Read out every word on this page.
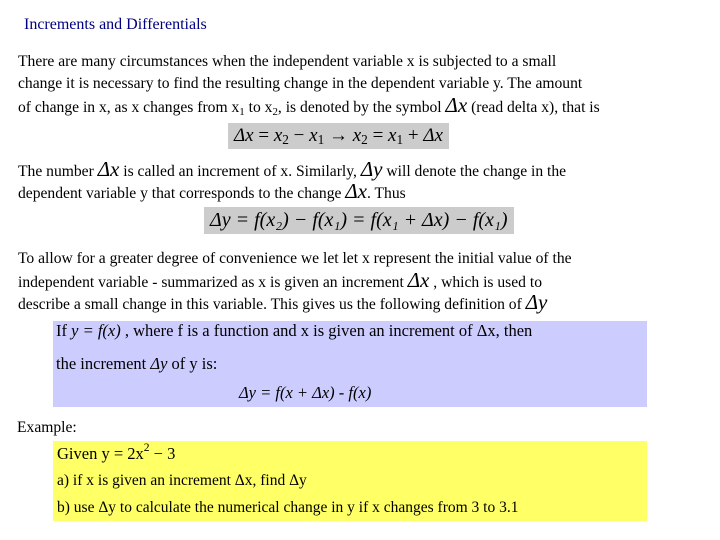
Increments and Differentials
There are many circumstances when the independent variable x is subjected to a small
change it is necessary to find the resulting change in the dependent variable y. The amount
of change in x, as x changes from $x_1$ to $x_2$, is denoted by the symbol Δx (read delta x), that is
$\Delta x = x_2 - x_1 \to x_2 = x_1 + \Delta x$
The number Δx is called an increment of x. Similarly, Δy will denote the change in the
dependent variable y that corresponds to the change Δx. Thus
Δy = f(x₂) − f(x₁) = f(x₁ + Δx) − f(x₁)
To allow for a greater degree of convenience we let let x represent the initial value of the
independent variable - summarized as x is given an increment Δx , which is used to
describe a small change in this variable. This gives us the following definition of Δy
If y = f(x) , where f is a function and x is given an increment of Δx, then
the increment Δy of y is:
Δy = f(x + Δx) - f(x)
Example:
Given $y = 2x^2 - 3$
a) if x is given an increment Δx, find Δy
b) use Δy to calculate the numerical change in y if x changes from 3 to 3.1
